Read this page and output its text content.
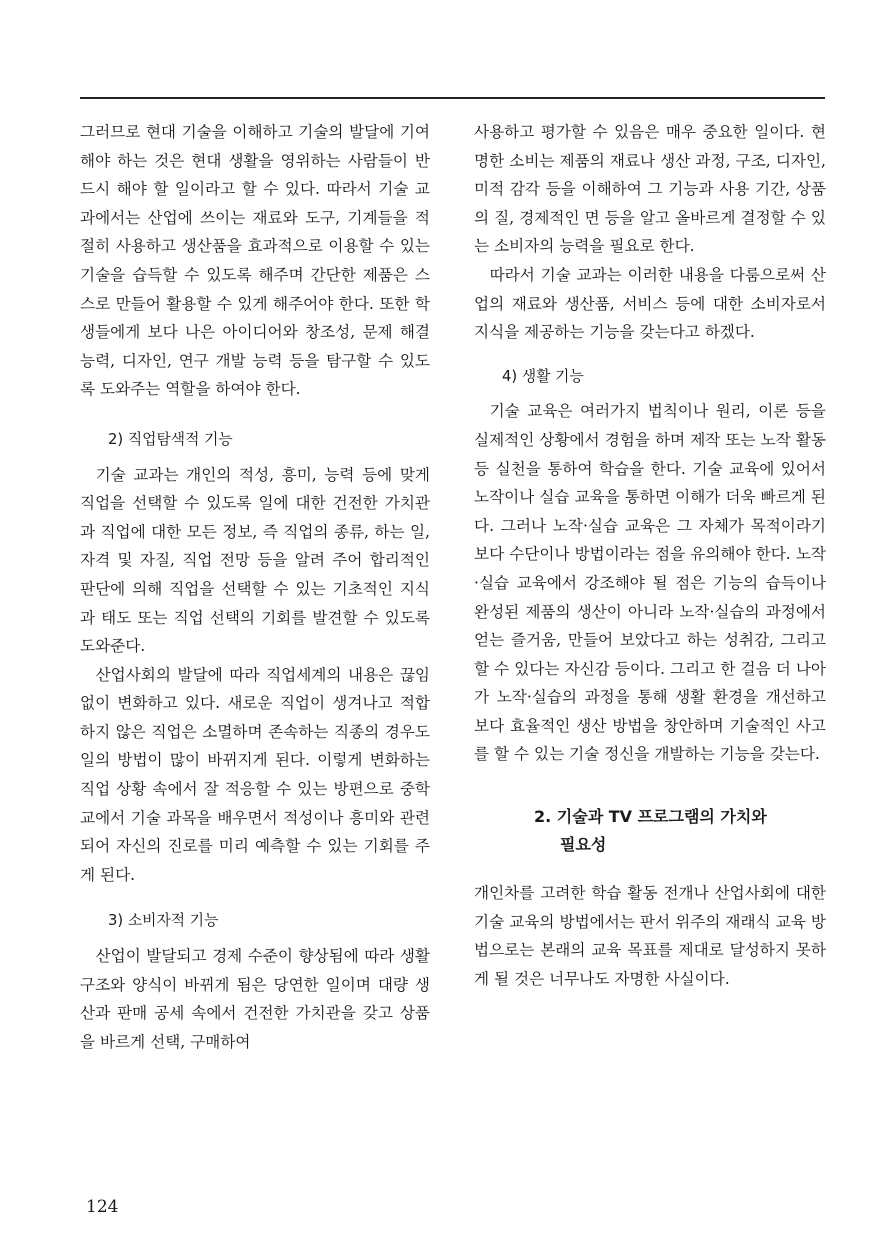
그러므로 현대 기술을 이해하고 기술의 발달에 기여해야 하는 것은 현대 생활을 영위하는 사람들이 반드시 해야 할 일이라고 할 수 있다. 따라서 기술 교과에서는 산업에 쓰이는 재료와 도구, 기계들을 적절히 사용하고 생산품을 효과적으로 이용할 수 있는 기술을 습득할 수 있도록 해주며 간단한 제품은 스스로 만들어 활용할 수 있게 해주어야 한다. 또한 학생들에게 보다 나은 아이디어와 창조성, 문제 해결 능력, 디자인, 연구 개발 능력 등을 탐구할 수 있도록 도와주는 역할을 하여야 한다.

2) 직업탐색적 기능

기술 교과는 개인의 적성, 흥미, 능력 등에 맞게 직업을 선택할 수 있도록 일에 대한 건전한 가치관과 직업에 대한 모든 정보, 즉 직업의 종류, 하는 일, 자격 및 자질, 직업 전망 등을 알려 주어 합리적인 판단에 의해 직업을 선택할 수 있는 기초적인 지식과 태도 또는 직업 선택의 기회를 발견할 수 있도록 도와준다.

산업사회의 발달에 따라 직업세계의 내용은 끊임없이 변화하고 있다. 새로운 직업이 생겨나고 적합하지 않은 직업은 소멸하며 존속하는 직종의 경우도 일의 방법이 많이 바뀌지게 된다. 이렇게 변화하는 직업 상황 속에서 잘 적응할 수 있는 방편으로 중학교에서 기술 과목을 배우면서 적성이나 흥미와 관련되어 자신의 진로를 미리 예측할 수 있는 기회를 주게 된다.

3) 소비자적 기능

산업이 발달되고 경제 수준이 향상됨에 따라 생활 구조와 양식이 바뀌게 됨은 당연한 일이며 대량 생산과 판매 공세 속에서 건전한 가치관을 갖고 상품을 바르게 선택, 구매하여

사용하고 평가할 수 있음은 매우 중요한 일이다. 현명한 소비는 제품의 재료나 생산 과정, 구조, 디자인, 미적 감각 등을 이해하여 그 기능과 사용 기간, 상품의 질, 경제적인 면 등을 알고 올바르게 결정할 수 있는 소비자의 능력을 필요로 한다.

따라서 기술 교과는 이러한 내용을 다룸으로써 산업의 재료와 생산품, 서비스 등에 대한 소비자로서 지식을 제공하는 기능을 갖는다고 하겠다.

4) 생활 기능

기술 교육은 여러가지 법칙이나 원리, 이론 등을 실제적인 상황에서 경험을 하며 제작 또는 노작 활동 등 실천을 통하여 학습을 한다. 기술 교육에 있어서 노작이나 실습 교육을 통하면 이해가 더욱 빠르게 된다. 그러나 노작·실습 교육은 그 자체가 목적이라기보다 수단이나 방법이라는 점을 유의해야 한다. 노작·실습 교육에서 강조해야 될 점은 기능의 습득이나 완성된 제품의 생산이 아니라 노작·실습의 과정에서 얻는 즐거움, 만들어 보았다고 하는 성취감, 그리고 할 수 있다는 자신감 등이다. 그리고 한 걸음 더 나아가 노작·실습의 과정을 통해 생활 환경을 개선하고 보다 효율적인 생산 방법을 창안하며 기술적인 사고를 할 수 있는 기술 정신을 개발하는 기능을 갖는다.

2. 기술과 TV 프로그램의 가치와
필요성

개인차를 고려한 학습 활동 전개나 산업사회에 대한 기술 교육의 방법에서는 판서 위주의 재래식 교육 방법으로는 본래의 교육 목표를 제대로 달성하지 못하게 될 것은 너무나도 자명한 사실이다.

124
